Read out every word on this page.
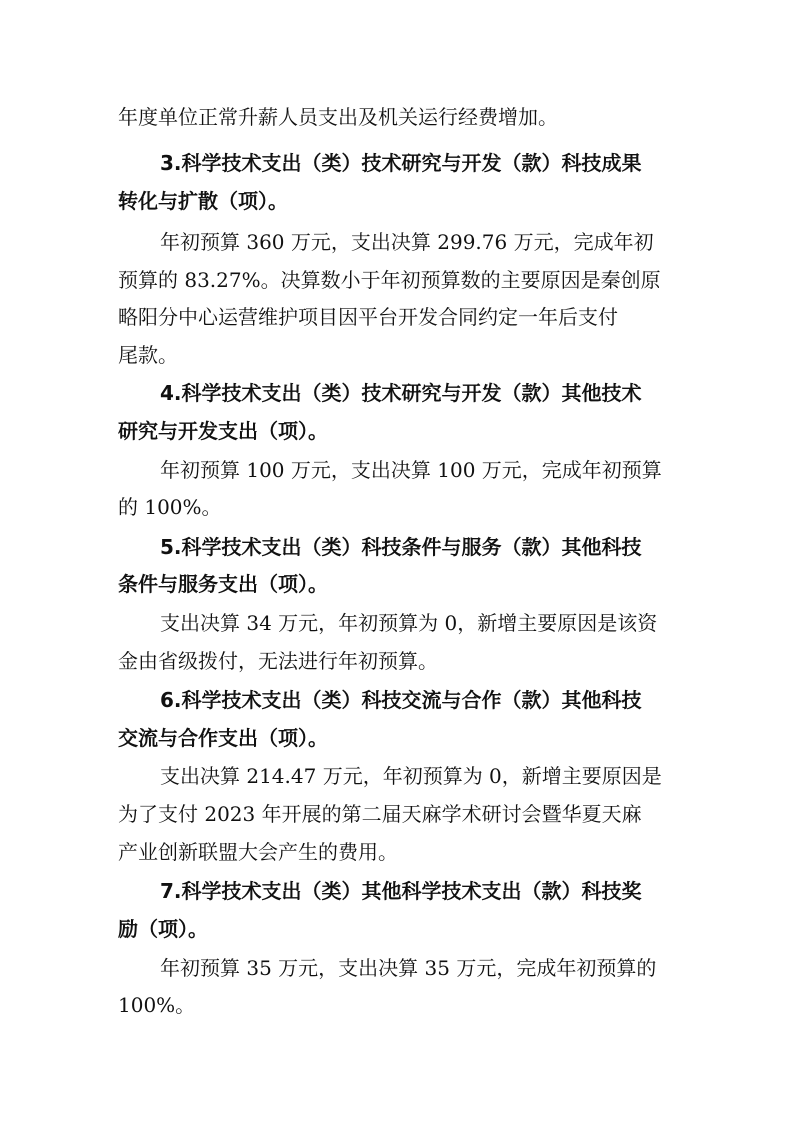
年度单位正常升薪人员支出及机关运行经费增加。
3.科学技术支出（类）技术研究与开发（款）科技成果
转化与扩散（项）。
年初预算 360 万元，支出决算 299.76 万元，完成年初
预算的 83.27%。决算数小于年初预算数的主要原因是秦创原
略阳分中心运营维护项目因平台开发合同约定一年后支付
尾款。
4.科学技术支出（类）技术研究与开发（款）其他技术
研究与开发支出（项）。
年初预算 100 万元，支出决算 100 万元，完成年初预算
的 100%。
5.科学技术支出（类）科技条件与服务（款）其他科技
条件与服务支出（项）。
支出决算 34 万元，年初预算为 0，新增主要原因是该资
金由省级拨付，无法进行年初预算。
6.科学技术支出（类）科技交流与合作（款）其他科技
交流与合作支出（项）。
支出决算 214.47 万元，年初预算为 0，新增主要原因是
为了支付 2023 年开展的第二届天麻学术研讨会暨华夏天麻
产业创新联盟大会产生的费用。
7.科学技术支出（类）其他科学技术支出（款）科技奖
励（项）。
年初预算 35 万元，支出决算 35 万元，完成年初预算的
100%。
